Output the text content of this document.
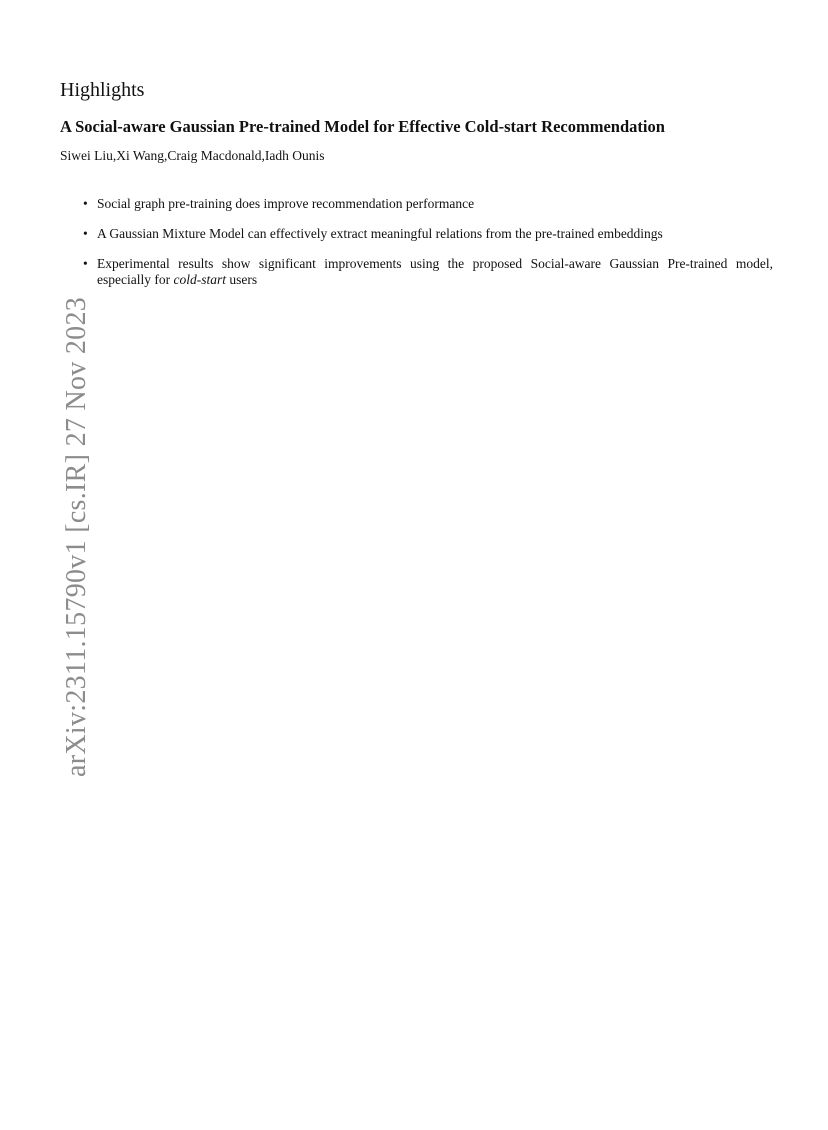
arXiv:2311.15790v1 [cs.IR] 27 Nov 2023
Highlights
A Social-aware Gaussian Pre-trained Model for Effective Cold-start Recommendation

Siwei Liu,Xi Wang,Craig Macdonald,Iadh Ounis

• Social graph pre-training does improve recommendation performance
• A Gaussian Mixture Model can effectively extract meaningful relations from the pre-trained embeddings
• Experimental results show significant improvements using the proposed Social-aware Gaussian Pre-trained model, especially for cold-start users
